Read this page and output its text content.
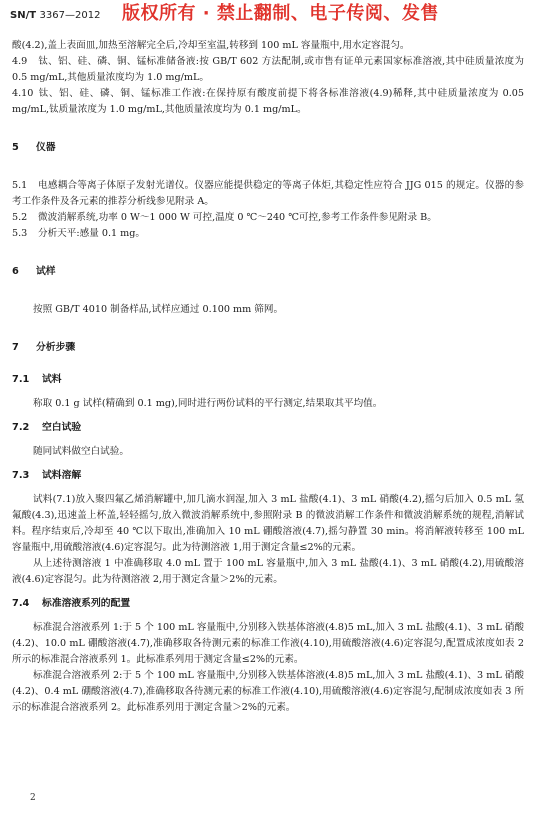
SN/T 3367—2012 版权所有 · 禁止翻制、电子传阅、发售

酸(4.2),盖上表面皿,加热至溶解完全后,冷却至室温,转移到 100 mL 容量瓶中,用水定容混匀。

4.9 钛、铝、硅、磷、铜、锰标准储备液:按 GB/T 602 方法配制,或市售有证单元素国家标准溶液,其中硅质量浓度为 0.5 mg/mL,其他质量浓度均为 1.0 mg/mL。

4.10 钛、铝、硅、磷、铜、锰标准工作液:在保持原有酸度前提下将各标准溶液(4.9)稀释,其中硅质量浓度为 0.05 mg/mL,钛质量浓度为 1.0 mg/mL,其他质量浓度均为 0.1 mg/mL。

5 仪器

5.1 电感耦合等离子体原子发射光谱仪。仪器应能提供稳定的等离子体炬,其稳定性应符合 JJG 015 的规定。仪器的参考工作条件及各元素的推荐分析线参见附录 A。

5.2 微波消解系统,功率 0 W～1 000 W 可控,温度 0 ℃～240 ℃可控,参考工作条件参见附录 B。

5.3 分析天平:感量 0.1 mg。

6 试样

按照 GB/T 4010 制备样品,试样应通过 0.100 mm 筛网。

7 分析步骤

7.1 试料

称取 0.1 g 试样(精确到 0.1 mg),同时进行两份试料的平行测定,结果取其平均值。

7.2 空白试验

随同试料做空白试验。

7.3 试料溶解

试料(7.1)放入聚四氟乙烯消解罐中,加几滴水润湿,加入 3 mL 盐酸(4.1)、3 mL 硝酸(4.2),摇匀后加入 0.5 mL 氢氟酸(4.3),迅速盖上杯盖,轻轻摇匀,放入微波消解系统中,参照附录 B 的微波消解工作条件和微波消解系统的规程,消解试料。程序结束后,冷却至 40 ℃以下取出,准确加入 10 mL 硼酸溶液(4.7),摇匀静置 30 min。将消解液转移至 100 mL 容量瓶中,用硫酸溶液(4.6)定容混匀。此为待测溶液 1,用于测定含量≤2%的元素。

从上述待测溶液 1 中准确移取 4.0 mL 置于 100 mL 容量瓶中,加入 3 mL 盐酸(4.1)、3 mL 硝酸(4.2),用硫酸溶液(4.6)定容混匀。此为待测溶液 2,用于测定含量＞2%的元素。

7.4 标准溶液系列的配置

标准混合溶液系列 1:于 5 个 100 mL 容量瓶中,分别移入铁基体溶液(4.8)5 mL,加入 3 mL 盐酸(4.1)、3 mL 硝酸(4.2)、10.0 mL 硼酸溶液(4.7),准确移取各待测元素的标准工作液(4.10),用硫酸溶液(4.6)定容混匀,配置成浓度如表 2 所示的标准混合溶液系列 1。此标准系列用于测定含量≤2%的元素。

标准混合溶液系列 2:于 5 个 100 mL 容量瓶中,分别移入铁基体溶液(4.8)5 mL,加入 3 mL 盐酸(4.1)、3 mL 硝酸(4.2)、0.4 mL 硼酸溶液(4.7),准确移取各待测元素的标准工作液(4.10),用硫酸溶液(4.6)定容混匀,配制成浓度如表 3 所示的标准混合溶液系列 2。此标准系列用于测定含量＞2%的元素。

2
